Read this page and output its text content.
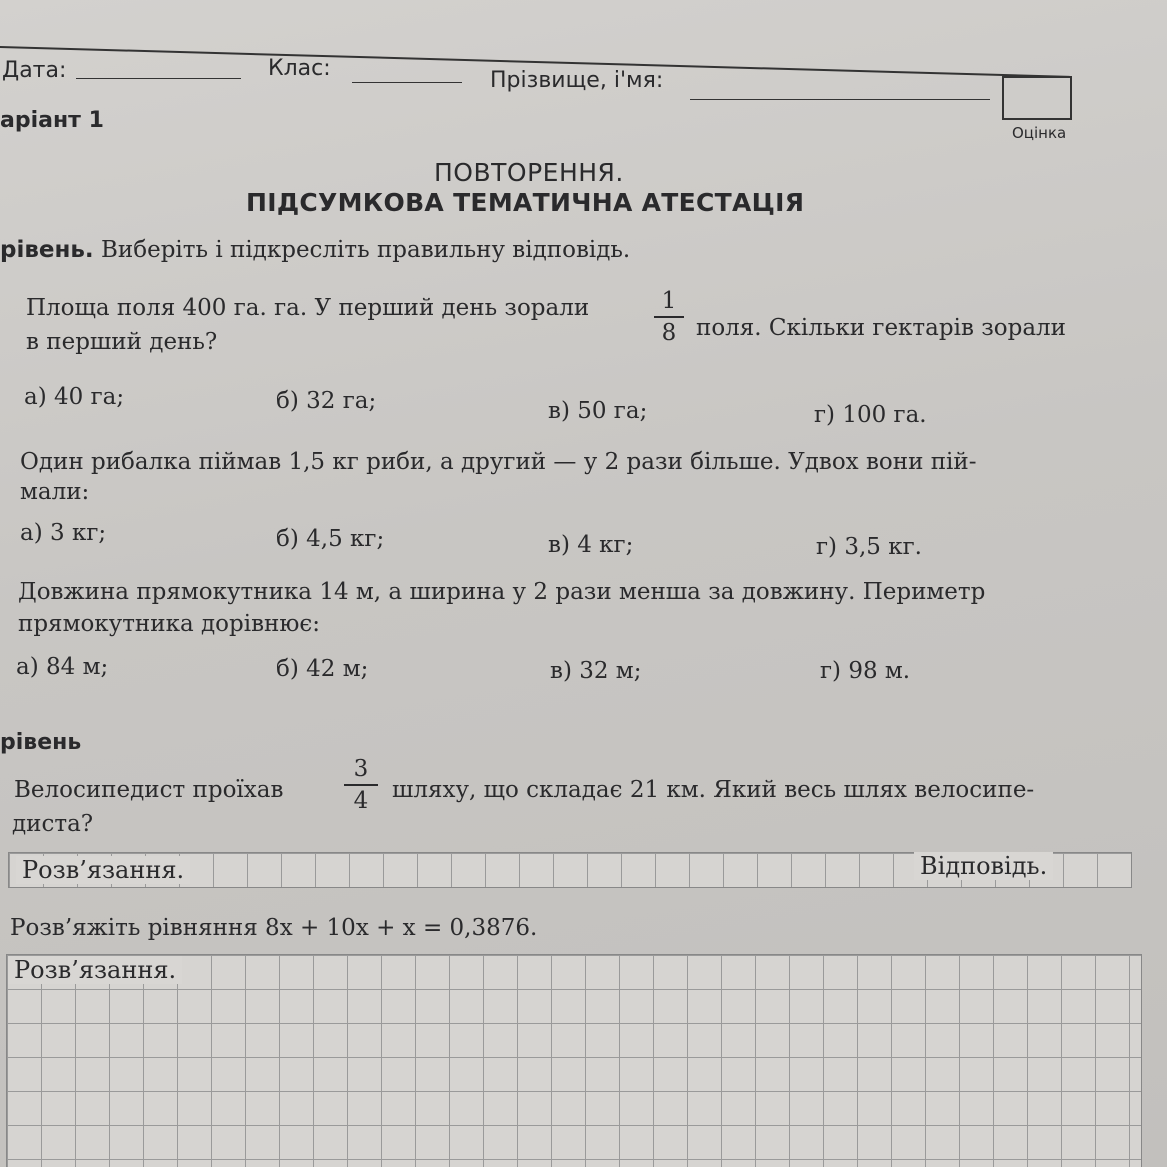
Дата:	Клас:	Прізвище, і'мя:
Оцінка
аріант 1
ПОВТОРЕННЯ.
ПІДСУМКОВА ТЕМАТИЧНА АТЕСТАЦІЯ
рівень. Виберіть і підкресліть правильну відповідь.
Площа поля 400 га. га. У перший день зорали	1
8 поля. Скільки гектарів зорали
в перший день?
а) 40 га;	б) 32 га;	в) 50 га;	г) 100 га.
Один рибалка піймав 1,5 кг риби, а другий — у 2 рази більше. Удвох вони пій-
мали:
а) 3 кг;	б) 4,5 кг;	в) 4 кг;	г) 3,5 кг.
Довжина прямокутника 14 м, а ширина у 2 рази менша за довжину. Периметр
прямокутника дорівнює:
а) 84 м;	б) 42 м;	в) 32 м;	г) 98 м.
рівень
Велосипедист проїхав
3
4	шляху, що складає 21 км. Який весь шлях велосипе-
диста?
Розв’язання.	Відповідь.
Розв’яжіть рівняння 8x + 10x + x = 0,3876.
Розв’язання.
